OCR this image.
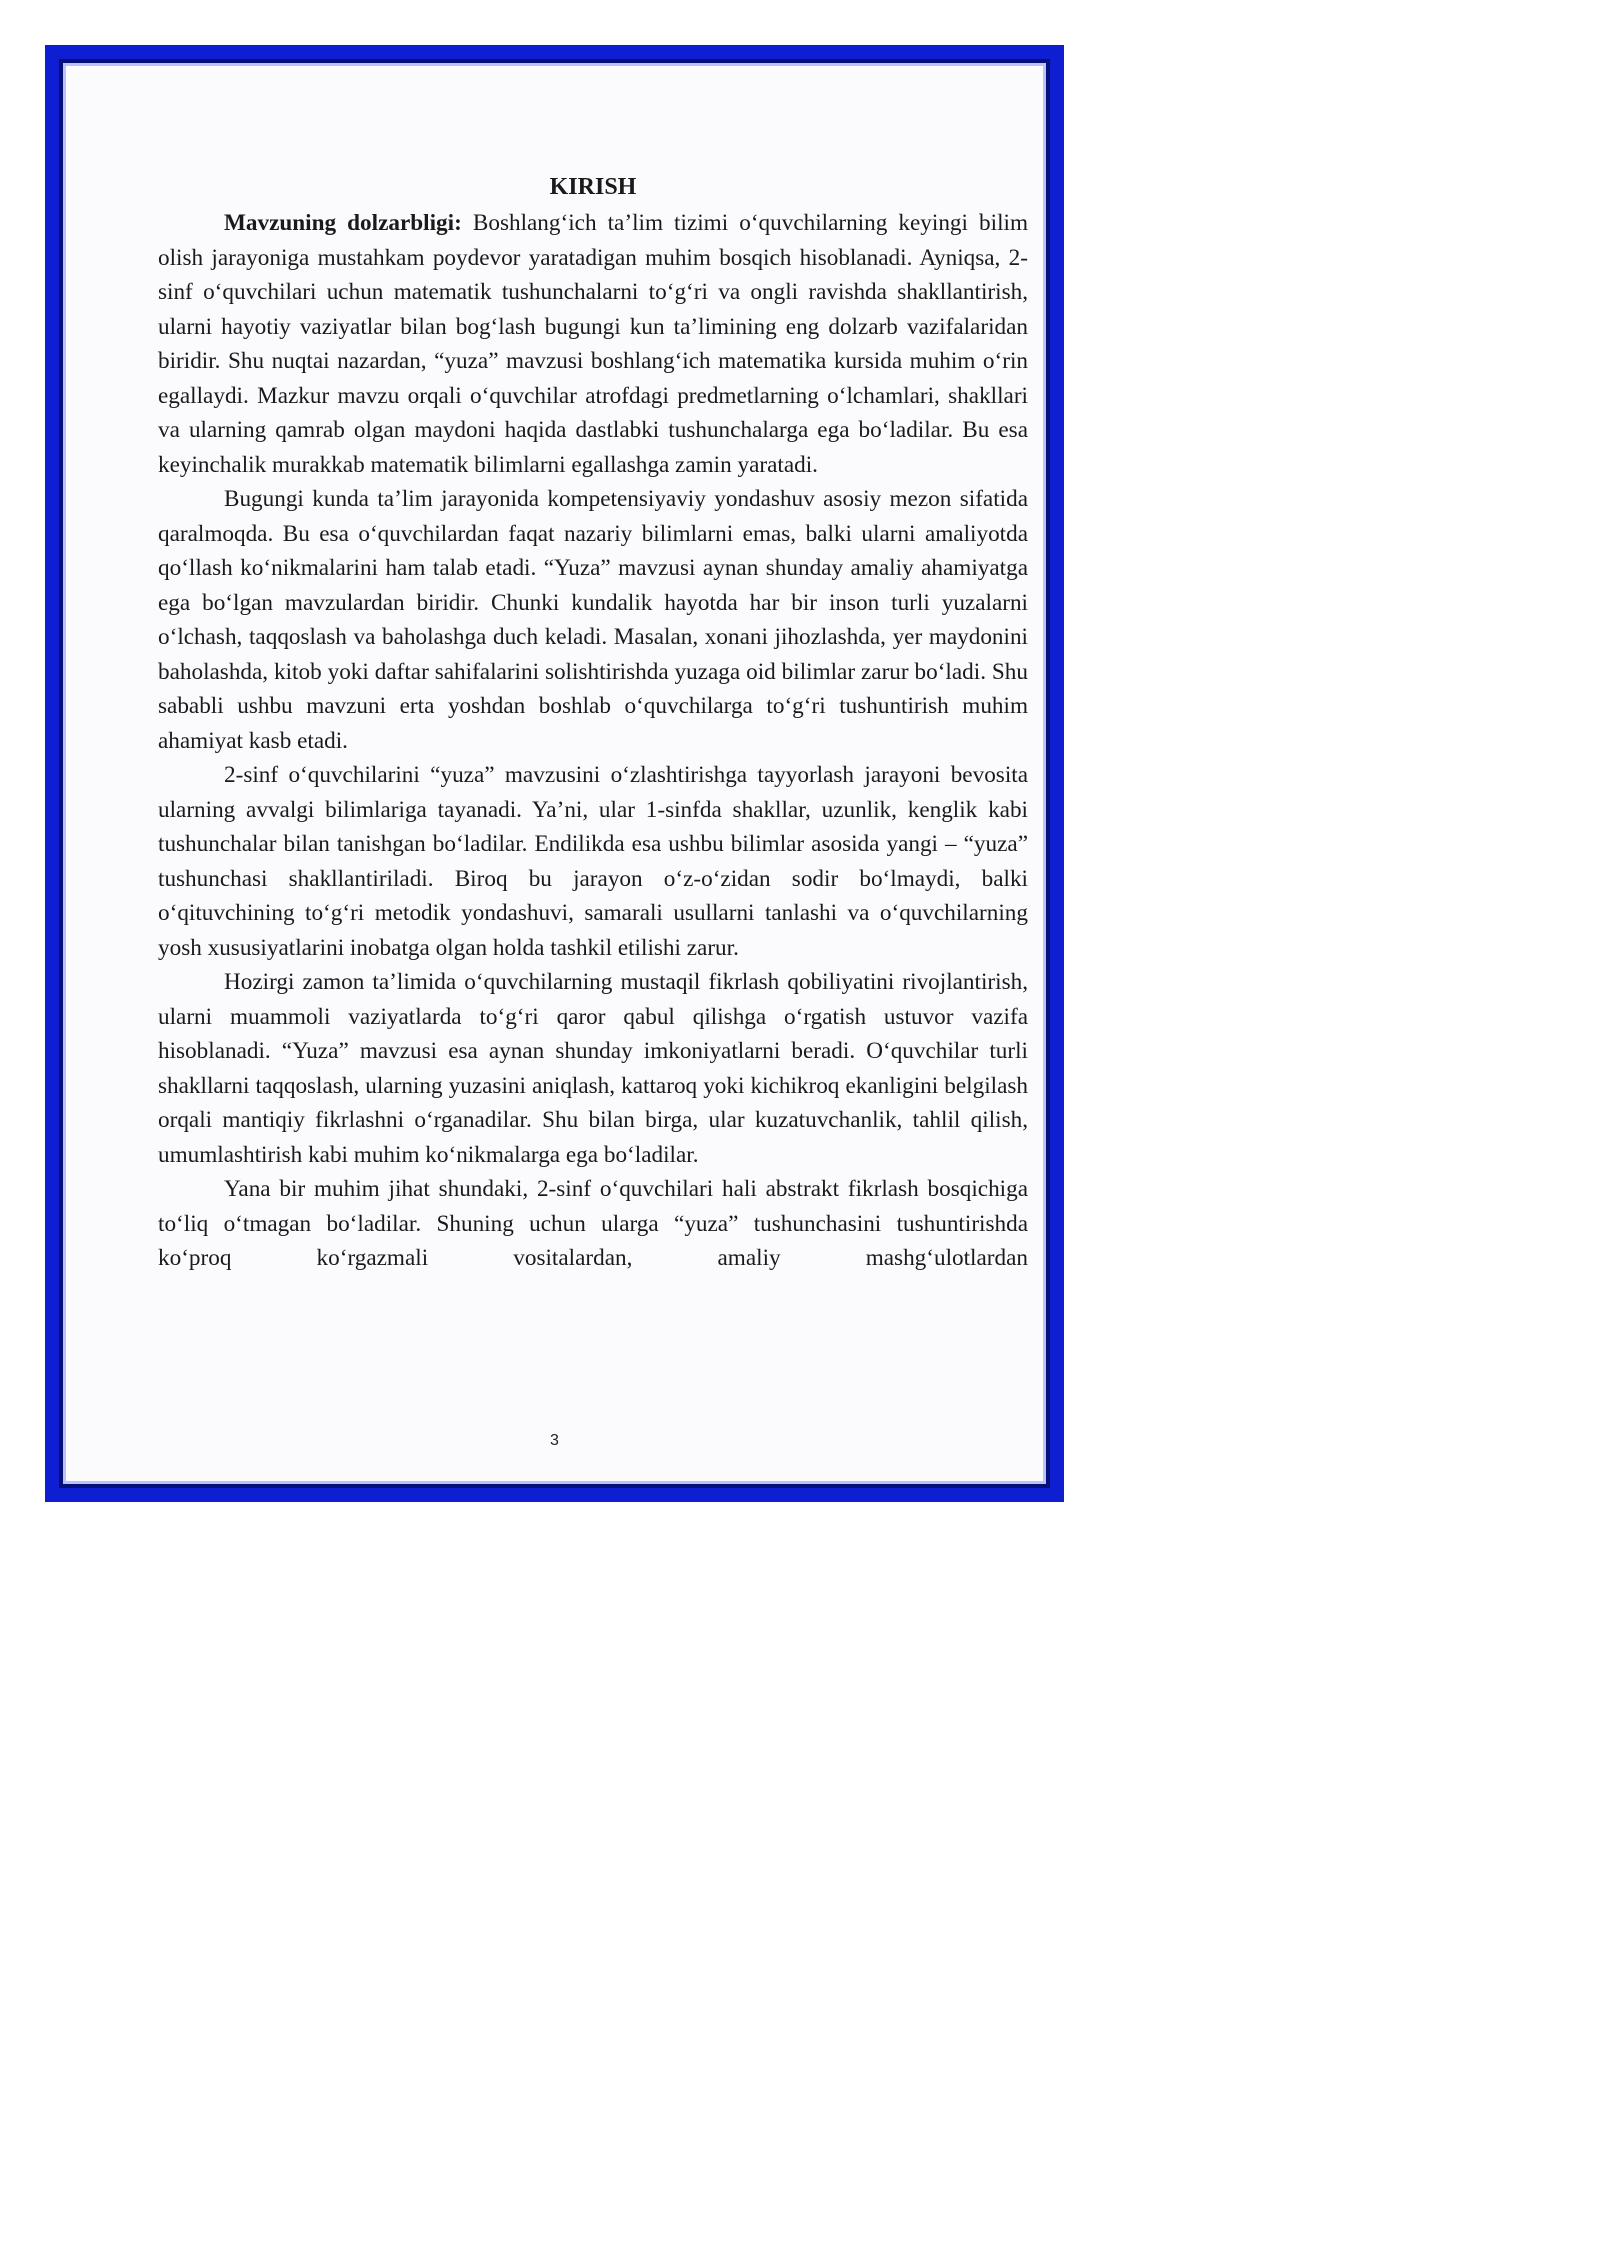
KIRISH

Mavzuning dolzarbligi: Boshlang‘ich ta’lim tizimi o‘quvchilarning keyingi bilim olish jarayoniga mustahkam poydevor yaratadigan muhim bosqich hisoblanadi. Ayniqsa, 2-sinf o‘quvchilari uchun matematik tushunchalarni to‘g‘ri va ongli ravishda shakllantirish, ularni hayotiy vaziyatlar bilan bog‘lash bugungi kun ta’limining eng dolzarb vazifalaridan biridir. Shu nuqtai nazardan, “yuza” mavzusi boshlang‘ich matematika kursida muhim o‘rin egallaydi. Mazkur mavzu orqali o‘quvchilar atrofdagi predmetlarning o‘lchamlari, shakllari va ularning qamrab olgan maydoni haqida dastlabki tushunchalarga ega bo‘ladilar. Bu esa keyinchalik murakkab matematik bilimlarni egallashga zamin yaratadi.

Bugungi kunda ta’lim jarayonida kompetensiyaviy yondashuv asosiy mezon sifatida qaralmoqda. Bu esa o‘quvchilardan faqat nazariy bilimlarni emas, balki ularni amaliyotda qo‘llash ko‘nikmalarini ham talab etadi. “Yuza” mavzusi aynan shunday amaliy ahamiyatga ega bo‘lgan mavzulardan biridir. Chunki kundalik hayotda har bir inson turli yuzalarni o‘lchash, taqqoslash va baholashga duch keladi. Masalan, xonani jihozlashda, yer maydonini baholashda, kitob yoki daftar sahifalarini solishtirishda yuzaga oid bilimlar zarur bo‘ladi. Shu sababli ushbu mavzuni erta yoshdan boshlab o‘quvchilarga to‘g‘ri tushuntirish muhim ahamiyat kasb etadi.

2-sinf o‘quvchilarini “yuza” mavzusini o‘zlashtirishga tayyorlash jarayoni bevosita ularning avvalgi bilimlariga tayanadi. Ya’ni, ular 1-sinfda shakllar, uzunlik, kenglik kabi tushunchalar bilan tanishgan bo‘ladilar. Endilikda esa ushbu bilimlar asosida yangi – “yuza” tushunchasi shakllantiriladi. Biroq bu jarayon o‘z-o‘zidan sodir bo‘lmaydi, balki o‘qituvchining to‘g‘ri metodik yondashuvi, samarali usullarni tanlashi va o‘quvchilarning yosh xususiyatlarini inobatga olgan holda tashkil etilishi zarur.

Hozirgi zamon ta’limida o‘quvchilarning mustaqil fikrlash qobiliyatini rivojlantirish, ularni muammoli vaziyatlarda to‘g‘ri qaror qabul qilishga o‘rgatish ustuvor vazifa hisoblanadi. “Yuza” mavzusi esa aynan shunday imkoniyatlarni beradi. O‘quvchilar turli shakllarni taqqoslash, ularning yuzasini aniqlash, kattaroq yoki kichikroq ekanligini belgilash orqali mantiqiy fikrlashni o‘rganadilar. Shu bilan birga, ular kuzatuvchanlik, tahlil qilish, umumlashtirish kabi muhim ko‘nikmalarga ega bo‘ladilar.

Yana bir muhim jihat shundaki, 2-sinf o‘quvchilari hali abstrakt fikrlash bosqichiga to‘liq o‘tmagan bo‘ladilar. Shuning uchun ularga “yuza” tushunchasini tushuntirishda ko‘proq ko‘rgazmali vositalardan, amaliy mashg‘ulotlardan

3
